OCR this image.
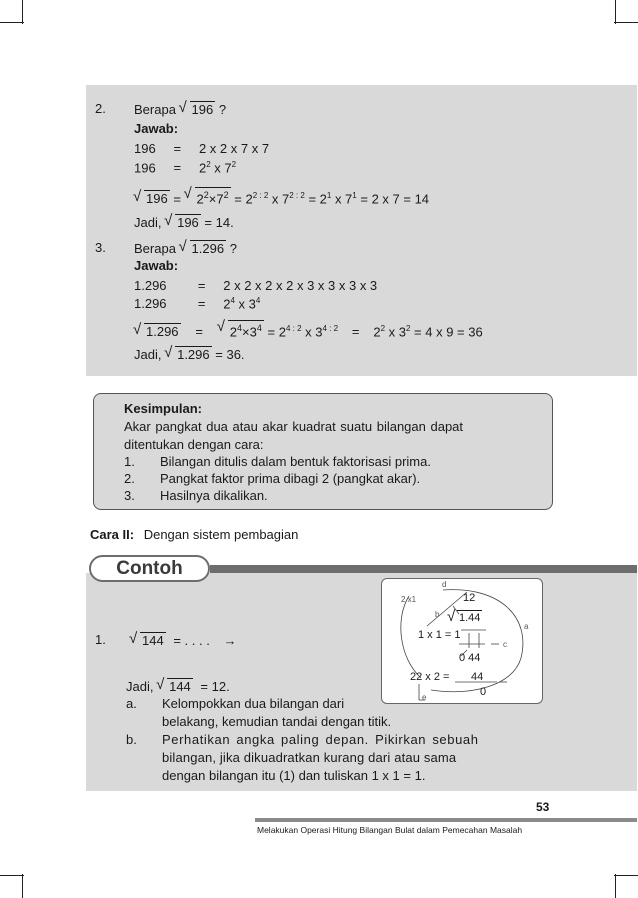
2. Berapa √ 196 ?
Jawab:
196 = 2 x 2 x 7 x 7
$196 = 2^2$ x $7^2$
√ 196 = √ $2^2\times 7^2 = 2^{2 : 2}$ x $7^{2 : 2} = 2^1$ x $7^1 = 2$ x 7 = 14
Jadi, √ 196 = 14.
3. Berapa √ 1.296 ?
Jawab:
1.296 = 2 x 2 x 2 x 2 x 3 x 3 x 3 x 3
$1.296 = 2^4$ x $3^4$
√ 1.296 = √ $2^4\times 3^4 = 2^{4 : 2}$ x $3^{4 : 2} = 2^2$ x $3^2 = 4$ x 9 = 36
Jadi, √ 1.296 = 36.
Kesimpulan:
Akar pangkat dua atau akar kuadrat suatu bilangan dapat
ditentukan dengan cara:
1. Bilangan ditulis dalam bentuk faktorisasi prima.
2. Pangkat faktor prima dibagi 2 (pangkat akar).
3. Hasilnya dikalikan.
Cara II: Dengan sistem pembagian
Contoh
2 x1
d
b
a
c
e
12
√ 1.44
1 x 1 = 1
0 44
22 x 2 = 44
0
1.	√ 144 = . . . . →
Jadi, √ 144 = 12.
a. Kelompokkan dua bilangan dari
belakang, kemudian tandai dengan titik.
b. Perhatikan angka paling depan. Pikirkan sebuah
bilangan, jika dikuadratkan kurang dari atau sama
dengan bilangan itu (1) dan tuliskan 1 x 1 = 1.
53
Melakukan Operasi Hitung Bilangan Bulat dalam Pemecahan Masalah
